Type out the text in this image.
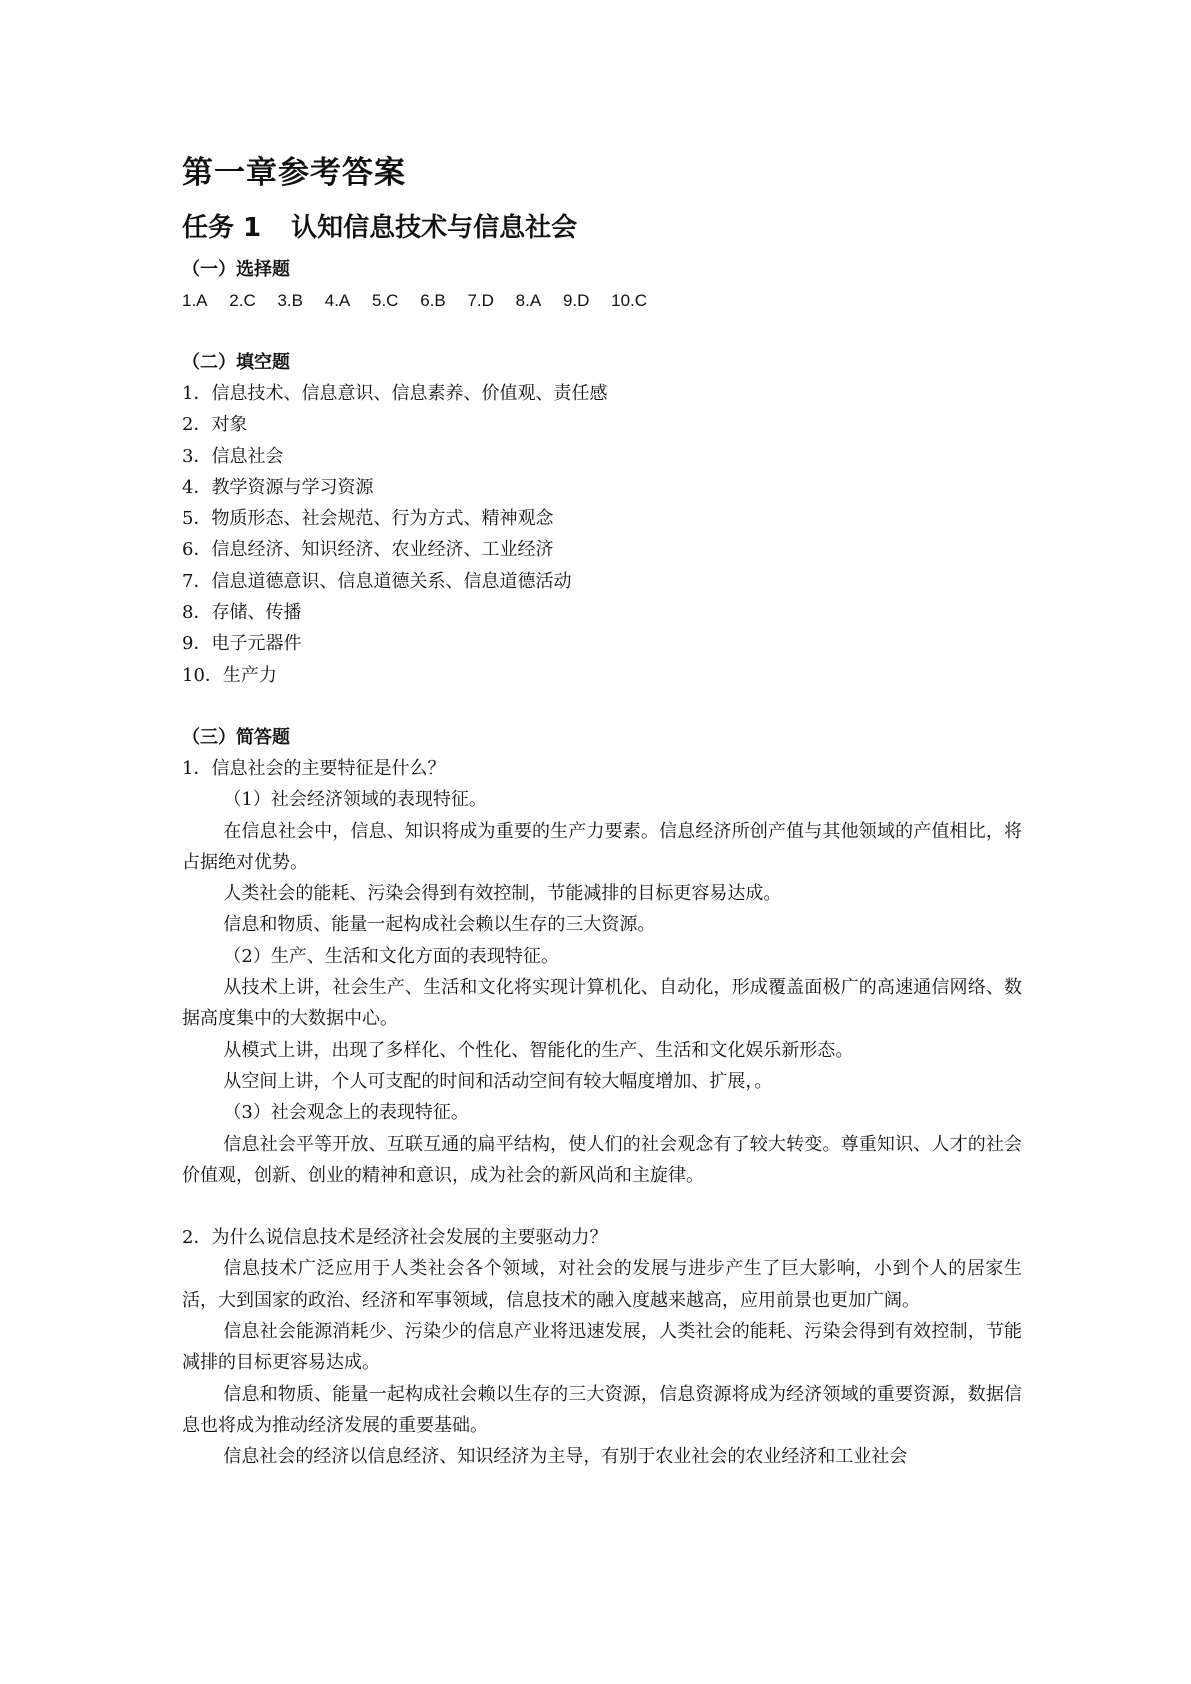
第一章参考答案
任务 1 认知信息技术与信息社会
（一）选择题
1.A 2.C 3.B 4.A 5.C 6.B 7.D 8.A 9.D 10.C
（二）填空题

1．信息技术、信息意识、信息素养、价值观、责任感

2．对象

3．信息社会

4．教学资源与学习资源

5．物质形态、社会规范、行为方式、精神观念

6．信息经济、知识经济、农业经济、工业经济

7．信息道德意识、信息道德关系、信息道德活动

8．存储、传播

9．电子元器件

10．生产力

（三）简答题

1．信息社会的主要特征是什么？

（1）社会经济领域的表现特征。

在信息社会中，信息、知识将成为重要的生产力要素。信息经济所创产值与其他领域的产值相比，将占据绝对优势。

人类社会的能耗、污染会得到有效控制，节能减排的目标更容易达成。

信息和物质、能量一起构成社会赖以生存的三大资源。

（2）生产、生活和文化方面的表现特征。

从技术上讲，社会生产、生活和文化将实现计算机化、自动化，形成覆盖面极广的高速通信网络、数据高度集中的大数据中心。

从模式上讲，出现了多样化、个性化、智能化的生产、生活和文化娱乐新形态。

从空间上讲，个人可支配的时间和活动空间有较大幅度增加、扩展，。

（3）社会观念上的表现特征。

信息社会平等开放、互联互通的扁平结构，使人们的社会观念有了较大转变。尊重知识、人才的社会价值观，创新、创业的精神和意识，成为社会的新风尚和主旋律。

2．为什么说信息技术是经济社会发展的主要驱动力？

信息技术广泛应用于人类社会各个领域，对社会的发展与进步产生了巨大影响，小到个人的居家生活，大到国家的政治、经济和军事领域，信息技术的融入度越来越高，应用前景也更加广阔。

信息社会能源消耗少、污染少的信息产业将迅速发展，人类社会的能耗、污染会得到有效控制，节能减排的目标更容易达成。

信息和物质、能量一起构成社会赖以生存的三大资源，信息资源将成为经济领域的重要资源，数据信息也将成为推动经济发展的重要基础。

信息社会的经济以信息经济、知识经济为主导，有别于农业社会的农业经济和工业社会
